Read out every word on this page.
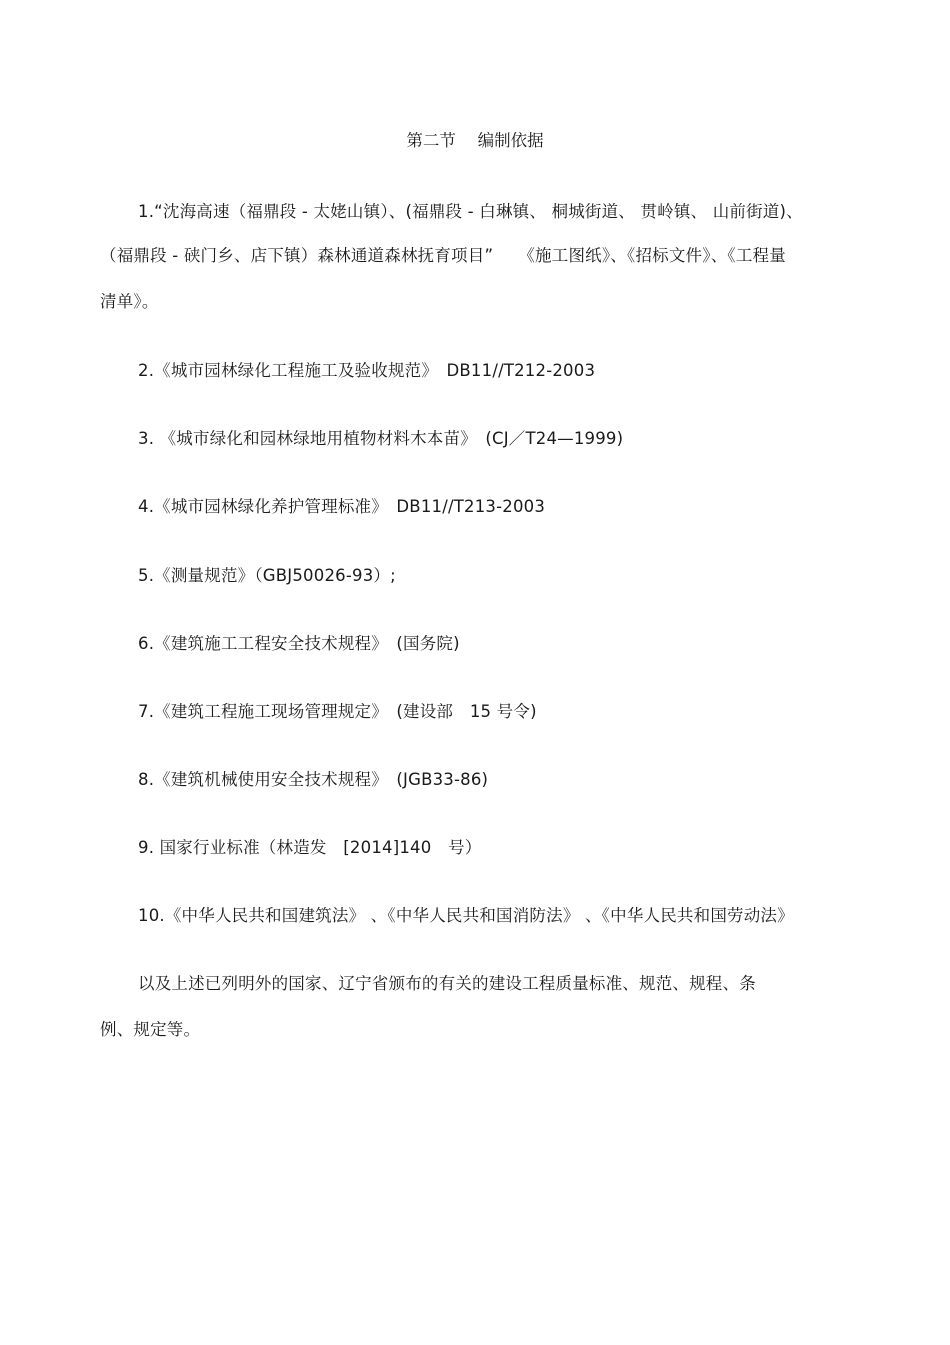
第二节　 编制依据
1.“沈海高速（福鼎段 - 太姥山镇）、(福鼎段 - 白琳镇、 桐城街道、 贯岭镇、 山前街道)、
（福鼎段 - 硖门乡、店下镇）森林通道森林抚育项目”　　《施工图纸》、《招标文件》、《工程量
清单》。
2.《城市园林绿化工程施工及验收规范》　DB11//T212-2003
3. 《城市绿化和园林绿地用植物材料木本苗》　(CJ／T24—1999)
4.《城市园林绿化养护管理标准》　DB11//T213-2003
5.《测量规范》（GBJ50026-93）;
6.《建筑施工工程安全技术规程》　(国务院)
7.《建筑工程施工现场管理规定》　(建设部　15 号令)
8.《建筑机械使用安全技术规程》　(JGB33-86)
9. 国家行业标准（林造发　[2014]140　号）
10.《中华人民共和国建筑法》 、《中华人民共和国消防法》 、《中华人民共和国劳动法》
以及上述已列明外的国家、辽宁省颁布的有关的建设工程质量标准、规范、规程、条
例、规定等。
